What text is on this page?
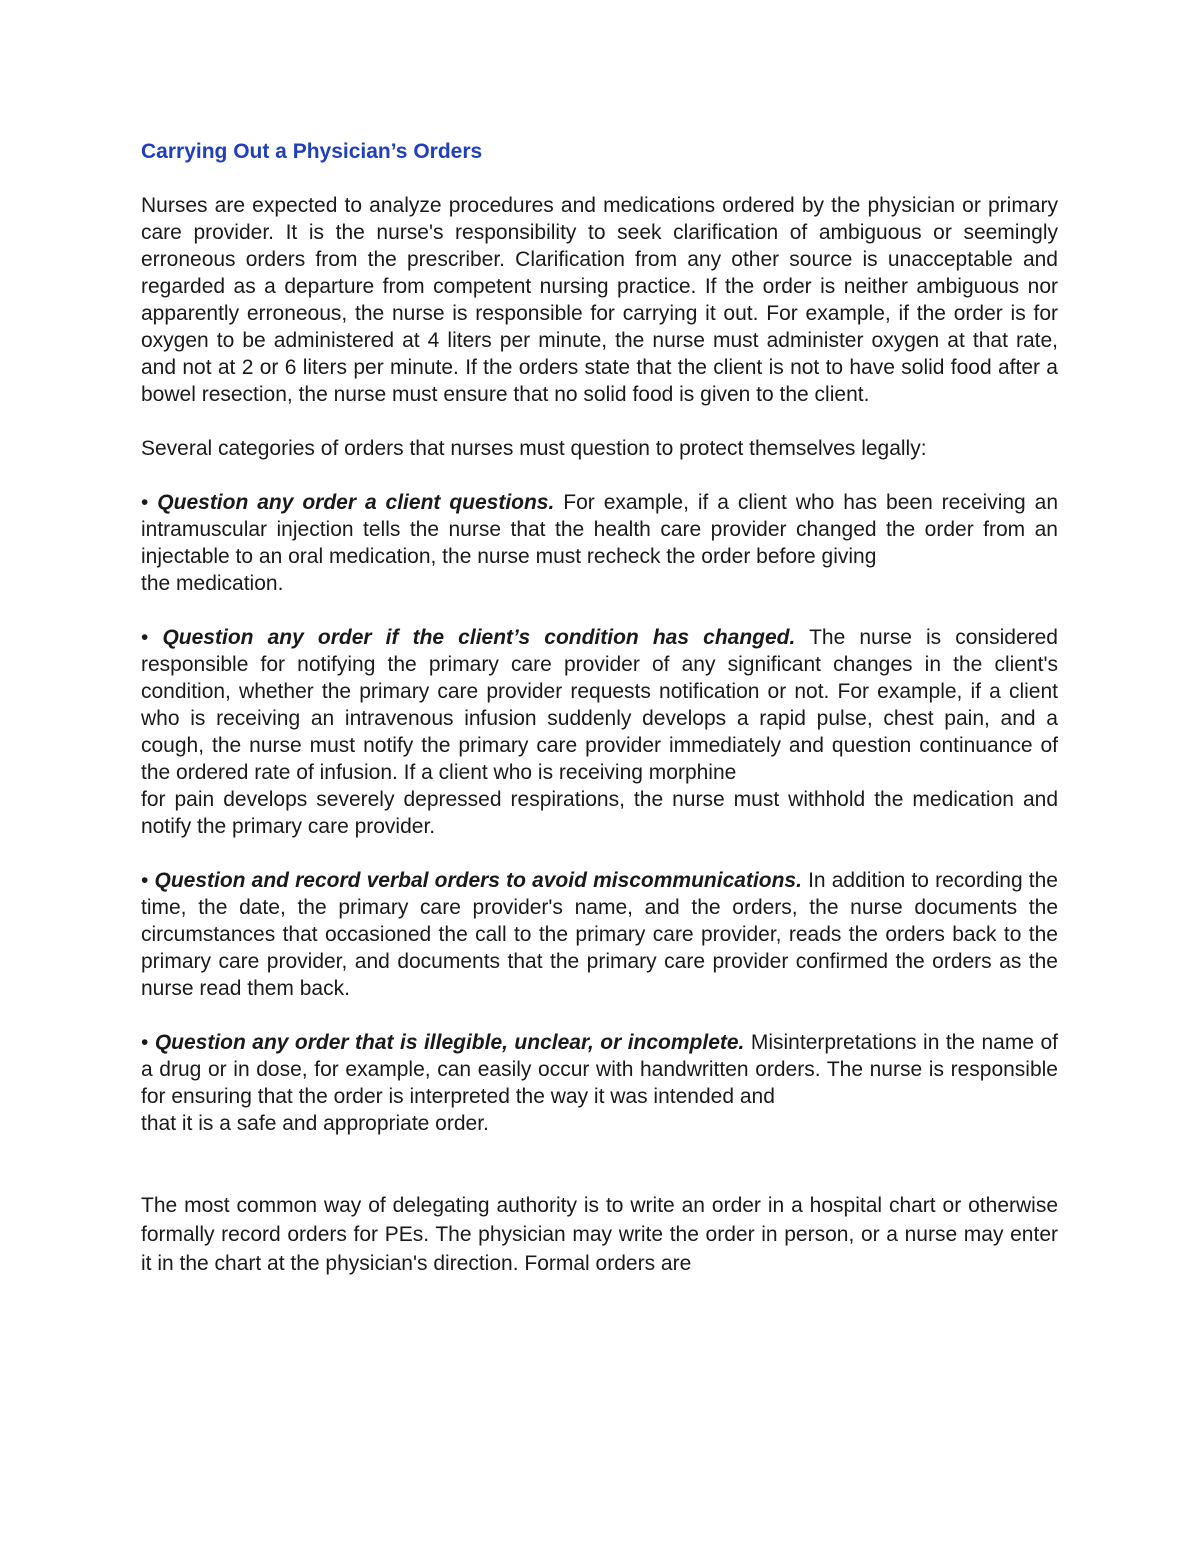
Carrying Out a Physician’s Orders

Nurses are expected to analyze procedures and medications ordered by the physician or primary care provider. It is the nurse's responsibility to seek clarification of ambiguous or seemingly erroneous orders from the prescriber. Clarification from any other source is unacceptable and regarded as a departure from competent nursing practice. If the order is neither ambiguous nor apparently erroneous, the nurse is responsible for carrying it out. For example, if the order is for oxygen to be administered at 4 liters per minute, the nurse must administer oxygen at that rate, and not at 2 or 6 liters per minute. If the orders state that the client is not to have solid food after a bowel resection, the nurse must ensure that no solid food is given to the client.

Several categories of orders that nurses must question to protect themselves legally:

• Question any order a client questions. For example, if a client who has been receiving an intramuscular injection tells the nurse that the health care provider changed the order from an injectable to an oral medication, the nurse must recheck the order before giving
the medication.

• Question any order if the client’s condition has changed. The nurse is considered responsible for notifying the primary care provider of any significant changes in the client's condition, whether the primary care provider requests notification or not. For example, if a client who is receiving an intravenous infusion suddenly develops a rapid pulse, chest pain, and a cough, the nurse must notify the primary care provider immediately and question continuance of the ordered rate of infusion. If a client who is receiving morphine
for pain develops severely depressed respirations, the nurse must withhold the medication and notify the primary care provider.

• Question and record verbal orders to avoid miscommunications. In addition to recording the time, the date, the primary care provider's name, and the orders, the nurse documents the circumstances that occasioned the call to the primary care provider, reads the orders back to the primary care provider, and documents that the primary care provider confirmed the orders as the nurse read them back.

• Question any order that is illegible, unclear, or incomplete. Misinterpretations in the name of a drug or in dose, for example, can easily occur with handwritten orders. The nurse is responsible for ensuring that the order is interpreted the way it was intended and
that it is a safe and appropriate order.

The most common way of delegating authority is to write an order in a hospital chart or otherwise formally record orders for PEs. The physician may write the order in person, or a nurse may enter it in the chart at the physician's direction. Formal orders are
